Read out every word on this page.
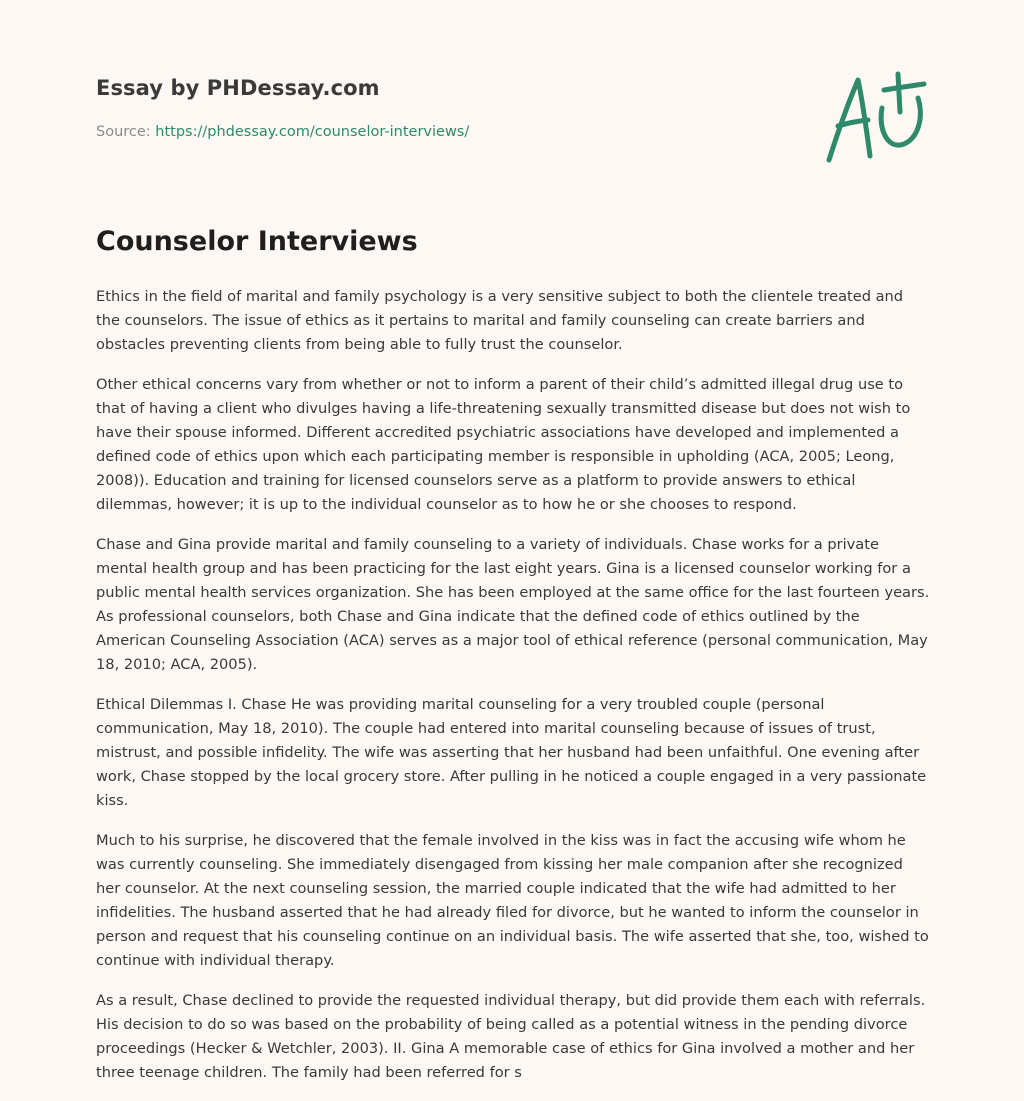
Essay by PHDessay.com
Source: https://phdessay.com/counselor-interviews/
Counselor Interviews

Ethics in the field of marital and family psychology is a very sensitive subject to both the clientele treated and the counselors. The issue of ethics as it pertains to marital and family counseling can create barriers and obstacles preventing clients from being able to fully trust the counselor.

Other ethical concerns vary from whether or not to inform a parent of their child’s admitted illegal drug use to that of having a client who divulges having a life-threatening sexually transmitted disease but does not wish to have their spouse informed. Different accredited psychiatric associations have developed and implemented a defined code of ethics upon which each participating member is responsible in upholding (ACA, 2005; Leong, 2008)). Education and training for licensed counselors serve as a platform to provide answers to ethical dilemmas, however; it is up to the individual counselor as to how he or she chooses to respond.

Chase and Gina provide marital and family counseling to a variety of individuals. Chase works for a private mental health group and has been practicing for the last eight years. Gina is a licensed counselor working for a public mental health services organization. She has been employed at the same office for the last fourteen years. As professional counselors, both Chase and Gina indicate that the defined code of ethics outlined by the American Counseling Association (ACA) serves as a major tool of ethical reference (personal communication, May 18, 2010; ACA, 2005).

Ethical Dilemmas I. Chase He was providing marital counseling for a very troubled couple (personal communication, May 18, 2010). The couple had entered into marital counseling because of issues of trust, mistrust, and possible infidelity. The wife was asserting that her husband had been unfaithful. One evening after work, Chase stopped by the local grocery store. After pulling in he noticed a couple engaged in a very passionate kiss.

Much to his surprise, he discovered that the female involved in the kiss was in fact the accusing wife whom he was currently counseling. She immediately disengaged from kissing her male companion after she recognized her counselor. At the next counseling session, the married couple indicated that the wife had admitted to her infidelities. The husband asserted that he had already filed for divorce, but he wanted to inform the counselor in person and request that his counseling continue on an individual basis. The wife asserted that she, too, wished to continue with individual therapy.

As a result, Chase declined to provide the requested individual therapy, but did provide them each with referrals. His decision to do so was based on the probability of being called as a potential witness in the pending divorce proceedings (Hecker & Wetchler, 2003). II. Gina A memorable case of ethics for Gina involved a mother and her three teenage children. The family had been referred for s
